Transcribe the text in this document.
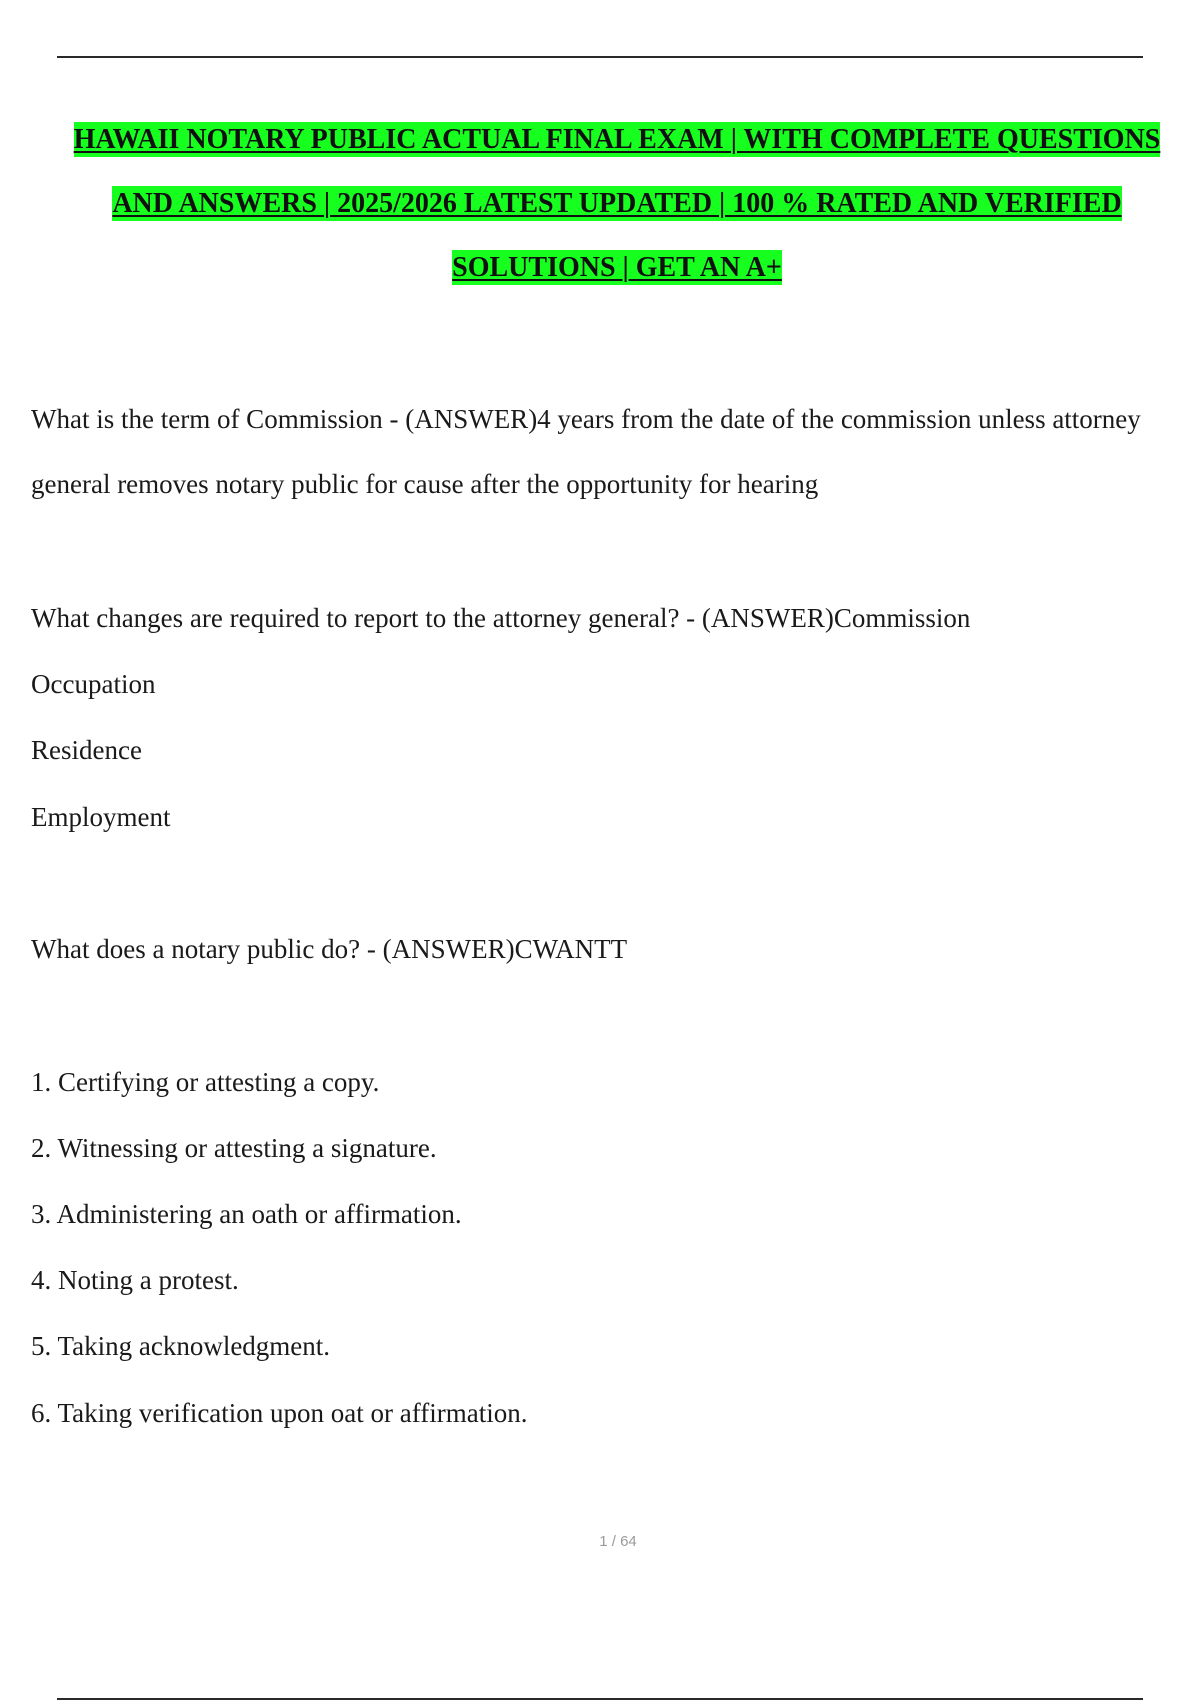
HAWAII NOTARY PUBLIC ACTUAL FINAL EXAM | WITH COMPLETE QUESTIONS
AND ANSWERS | 2025/2026 LATEST UPDATED | 100 % RATED AND VERIFIED
SOLUTIONS | GET AN A+
What is the term of Commission - (ANSWER)4 years from the date of the commission unless attorney
general removes notary public for cause after the opportunity for hearing
What changes are required to report to the attorney general? - (ANSWER)Commission
Occupation
Residence
Employment
What does a notary public do? - (ANSWER)CWANTT
1. Certifying or attesting a copy.
2. Witnessing or attesting a signature.
3. Administering an oath or affirmation.
4. Noting a protest.
5. Taking acknowledgment.
6. Taking verification upon oat or affirmation.
1 / 64
